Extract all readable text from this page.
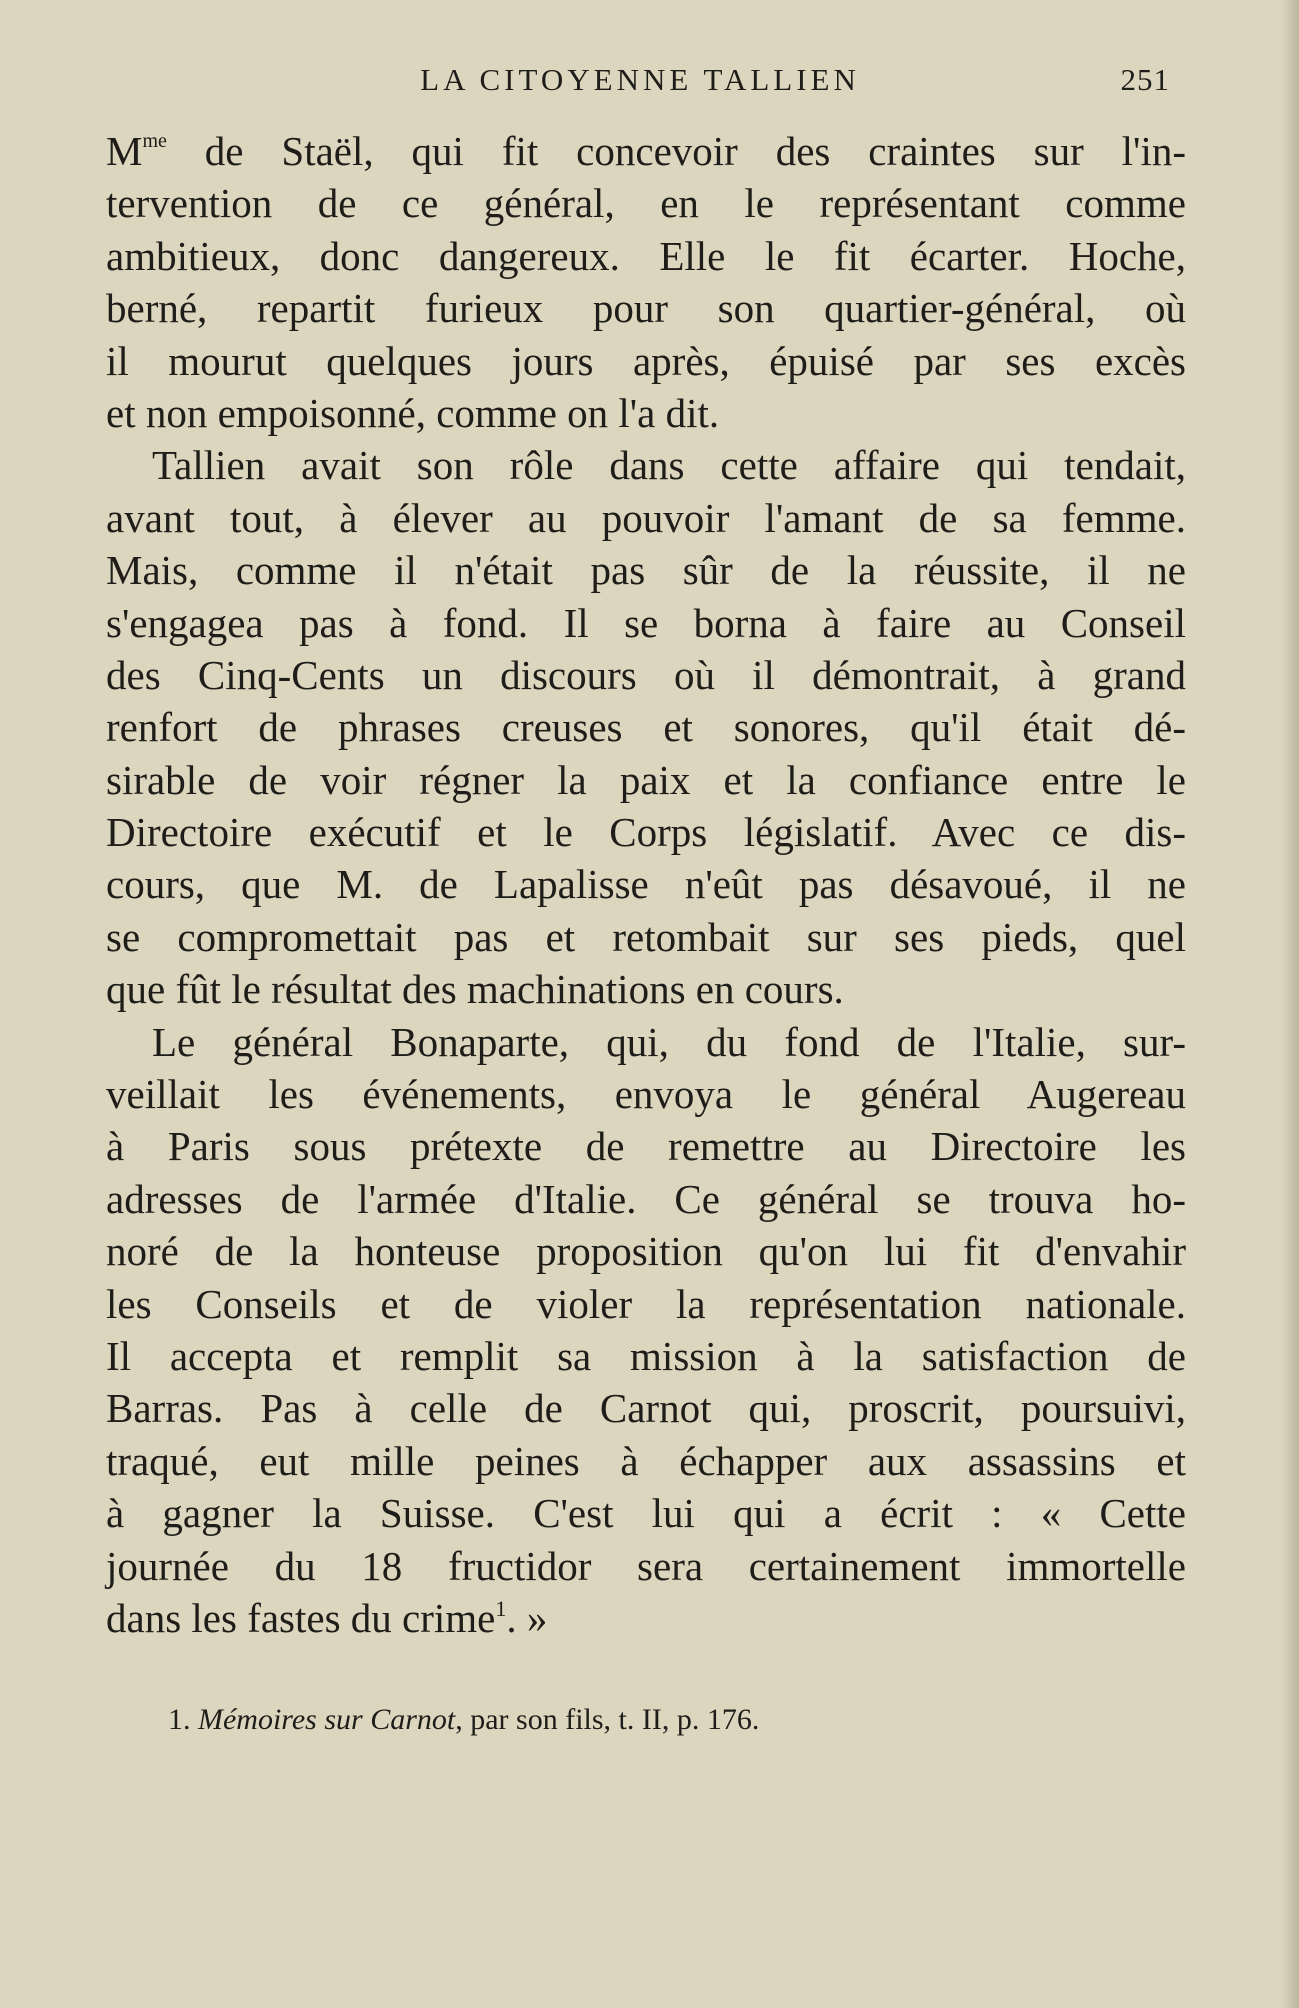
LA CITOYENNE TALLIEN	251
$M^{me}$ de Staël, qui fit concevoir des craintes sur l'in-
tervention de ce général, en le représentant comme
ambitieux, donc dangereux. Elle le fit écarter. Hoche,
berné, repartit furieux pour son quartier-général, où
il mourut quelques jours après, épuisé par ses excès
et non empoisonné, comme on l'a dit.
Tallien avait son rôle dans cette affaire qui tendait,
avant tout, à élever au pouvoir l'amant de sa femme.
Mais, comme il n'était pas sûr de la réussite, il ne
s'engagea pas à fond. Il se borna à faire au Conseil
des Cinq-Cents un discours où il démontrait, à grand
renfort de phrases creuses et sonores, qu'il était dé-
sirable de voir régner la paix et la confiance entre le
Directoire exécutif et le Corps législatif. Avec ce dis-
cours, que M. de Lapalisse n'eût pas désavoué, il ne
se compromettait pas et retombait sur ses pieds, quel
que fût le résultat des machinations en cours.
Le général Bonaparte, qui, du fond de l'Italie, sur-
veillait les événements, envoya le général Augereau
à Paris sous prétexte de remettre au Directoire les
adresses de l'armée d'Italie. Ce général se trouva ho-
noré de la honteuse proposition qu'on lui fit d'envahir
les Conseils et de violer la représentation nationale.
Il accepta et remplit sa mission à la satisfaction de
Barras. Pas à celle de Carnot qui, proscrit, poursuivi,
traqué, eut mille peines à échapper aux assassins et
à gagner la Suisse. C'est lui qui a écrit : « Cette
journée du 18 fructidor sera certainement immortelle
dans les fastes du crime$^1$. »
1. Mémoires sur Carnot, par son fils, t. II, p. 176.
